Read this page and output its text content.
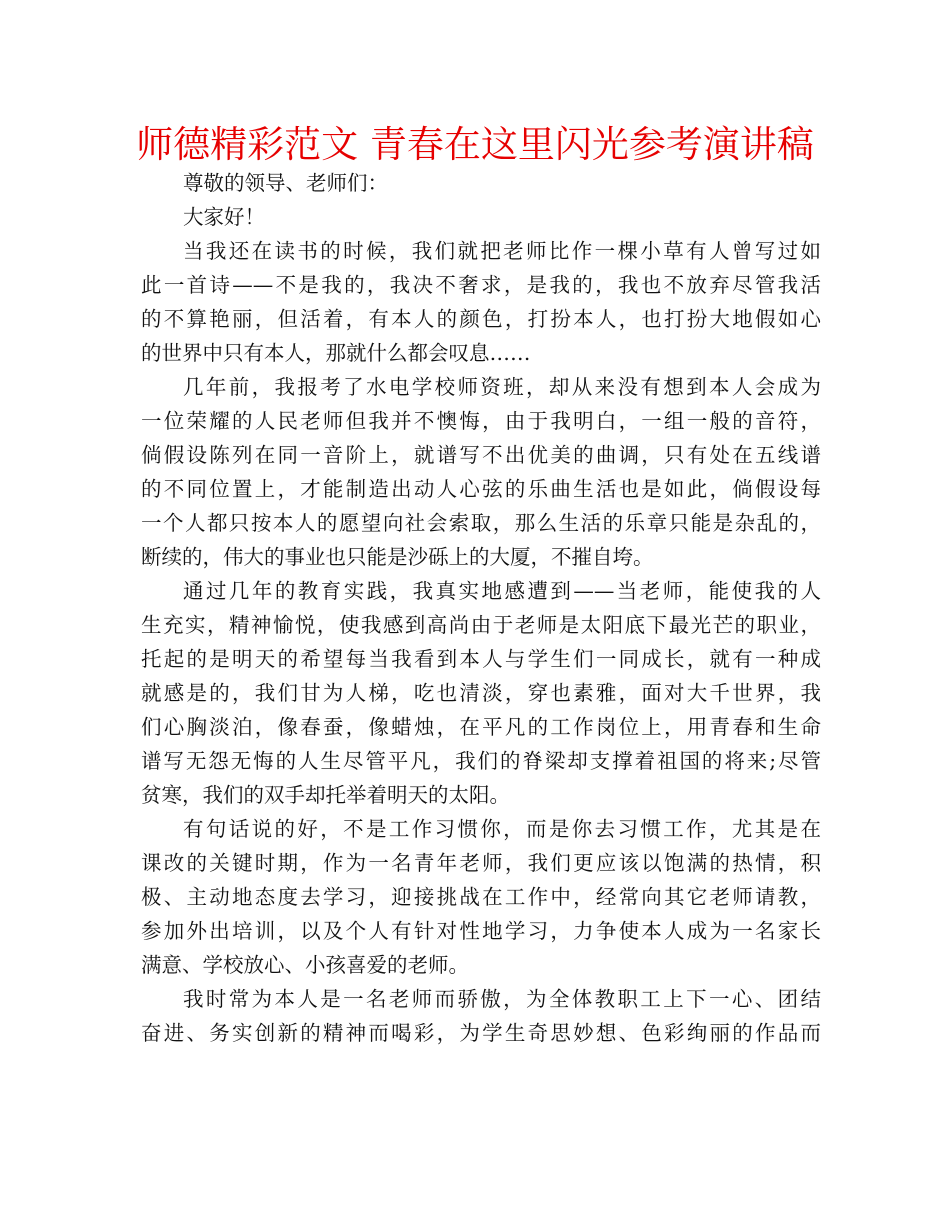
师德精彩范文 青春在这里闪光参考演讲稿
尊敬的领导、老师们：
大家好！
当我还在读书的时候，我们就把老师比作一棵小草有人曾写过如
此一首诗——不是我的，我决不奢求，是我的，我也不放弃尽管我活
的不算艳丽，但活着，有本人的颜色，打扮本人，也打扮大地假如心
的世界中只有本人，那就什么都会叹息……
几年前，我报考了水电学校师资班，却从来没有想到本人会成为
一位荣耀的人民老师但我并不懊悔，由于我明白，一组一般的音符，
倘假设陈列在同一音阶上，就谱写不出优美的曲调，只有处在五线谱
的不同位置上，才能制造出动人心弦的乐曲生活也是如此，倘假设每
一个人都只按本人的愿望向社会索取，那么生活的乐章只能是杂乱的，
断续的，伟大的事业也只能是沙砾上的大厦，不摧自垮。
通过几年的教育实践，我真实地感遭到——当老师，能使我的人
生充实，精神愉悦，使我感到高尚由于老师是太阳底下最光芒的职业，
托起的是明天的希望每当我看到本人与学生们一同成长，就有一种成
就感是的，我们甘为人梯，吃也清淡，穿也素雅，面对大千世界，我
们心胸淡泊，像春蚕，像蜡烛，在平凡的工作岗位上，用青春和生命
谱写无怨无悔的人生尽管平凡，我们的脊梁却支撑着祖国的将来;尽管
贫寒，我们的双手却托举着明天的太阳。
有句话说的好，不是工作习惯你，而是你去习惯工作，尤其是在
课改的关键时期，作为一名青年老师，我们更应该以饱满的热情，积
极、主动地态度去学习，迎接挑战在工作中，经常向其它老师请教，
参加外出培训，以及个人有针对性地学习，力争使本人成为一名家长
满意、学校放心、小孩喜爱的老师。
我时常为本人是一名老师而骄傲，为全体教职工上下一心、团结
奋进、务实创新的精神而喝彩，为学生奇思妙想、色彩绚丽的作品而
